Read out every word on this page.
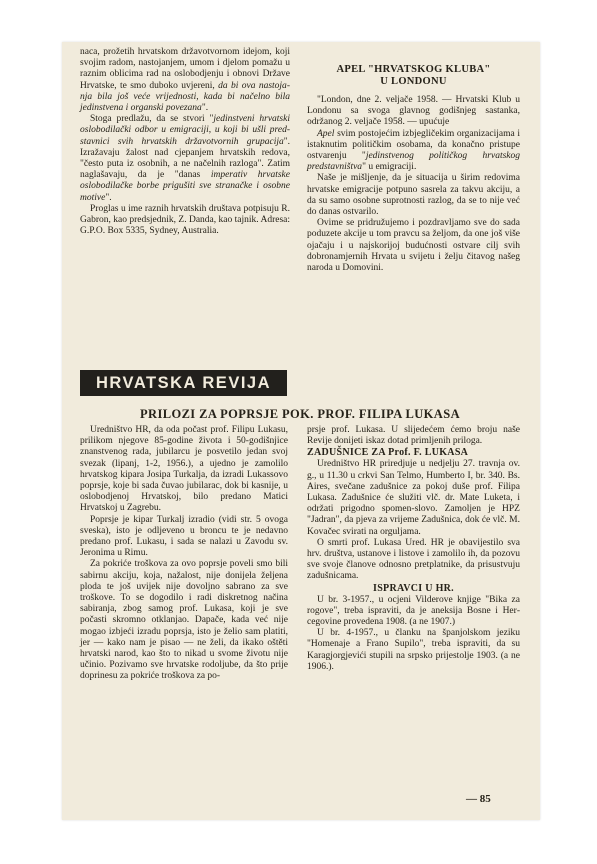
naca, prožetih hrvatskom državotvornom idejom, koji svojim radom, nastojanjem, umom i djelom pomažu u raznim oblicima rad na oslobodjenju i obnovi Države Hrvatske, te smo duboko uvjereni, da bi ova nastojanja bila još veće vrijednosti, kada bi načelno bila jedinstvena i organski povezana".

Stoga predlažu, da se stvori "jedinstveni hrvatski oslobodilački odbor u emigraciji, u koji bi ušli predstavnici svih hrvatskih državotvornih grupacija". Izražavaju žalost nad cjepanjem hrvatskih redova, "često puta iz osobnih, a ne načelnih razloga". Zatim naglašavaju, da je "danas imperativ hrvatske oslobodilačke borbe prigušiti sve stranačke i osobne motive".

Proglas u ime raznih hrvatskih društava potpisuju R. Gabron, kao predsjednik, Z. Danda, kao tajnik. Adresa: G.P.O. Box 5335, Sydney, Australia.

APEL "HRVATSKOG KLUBA"

U LONDONU

"London, dne 2. veljače 1958. — Hrvatski Klub u Londonu sa svoga glavnog godišnjeg sastanka, održanog 2. veljače 1958. — upućuje

Apel svim postojećim izbjegličekim organizacijama i istaknutim političkim osobama, da konačno pristupe ostvarenju "jedinstvenog političkog hrvatskog predstavništva" u emigraciji.

Naše je mišljenje, da je situacija u širim redovima hrvatske emigracije potpuno sasrela za takvu akciju, a da su samo osobne suprotnosti razlog, da se to nije već do danas ostvarilo.

Ovime se pridružujemo i pozdravljamo sve do sada poduzete akcije u tom pravcu sa željom, da one još više ojačaju i u najskorijoj budućnosti ostvare cilj svih dobronamjernih Hrvata u svijetu i želju čitavog našeg naroda u Domovini.

HRVATSKA REVIJA
PRILOZI ZA POPRSJE POK. PROF. FILIPA LUKASA

Uredništvo HR, da oda počast prof. Filipu Lukasu, prilikom njegove 85-godine života i 50-godišnjice znanstvenog rada, jubilarcu je posvetilo jedan svoj svezak (lipanj, 1-2, 1956.), a ujedno je zamolilo hrvatskog kipara Josipa Turkalja, da izradi Lukassovo poprsje, koje bi sada čuvao jubilarac, dok bi kasnije, u oslobodjenoj Hrvatskoj, bilo predano Matici Hrvatskoj u Zagrebu.

Poprsje je kipar Turkalj izradio (vidi str. 5 ovoga sveska), isto je odljeveno u broncu te je nedavno predano prof. Lukasu, i sada se nalazi u Zavodu sv. Jeronima u Rimu.

Za pokriće troškova za ovo poprsje poveli smo bili sabirnu akciju, koja, nažalost, nije donijela željena ploda te još uvijek nije dovoljno sabrano za sve troškove. To se dogodilo i radi diskretnog načina sabiranja, zbog samog prof. Lukasa, koji je sve počasti skromno otklanjao. Dapače, kada već nije mogao izbjeći izradu poprsja, isto je želio sam platiti, jer — kako nam je pisao — ne želi, da ikako oštěti hrvatski narod, kao što to nikad u svome životu nije učinio. Pozivamo sve hrvatske rodoljube, da što prije doprinesu za pokriće troškova za po-

prsje prof. Lukasa. U slijedećem ćemo broju naše Revije donijeti iskaz dotad primljenih priloga.

ZADUŠNICE ZA Prof. F. LUKASA

Uredništvo HR priredjuje u nedjelju 27. travnja ov. g., u 11.30 u crkvi San Telmo, Humberto I, br. 340. Bs. Aires, svečane zadušnice za pokoj duše prof. Filipa Lukasa. Zadušnice će služiti vlč. dr. Mate Luketa, i održati prigodno spomen-slovo. Zamoljen je HPZ "Jadran", da pjeva za vrijeme Zadušnica, dok će vlč. M. Kovačec svirati na orguljama.

O smrti prof. Lukasa Ured. HR je obavijestilo sva hrv. društva, ustanove i listove i zamolilo ih, da pozovu sve svoje članove odnosno pretplatnike, da prisustvuju zadušnicama.

ISPRAVCI U HR.

U br. 3-1957., u ocjeni Vilderove knjige "Bika za rogove", treba ispraviti, da je aneksija Bosne i Hercegovine provedena 1908. (a ne 1907.)

U br. 4-1957., u članku na španjolskom jeziku "Homenaje a Frano Supilo", treba ispraviti, da su Karagjorgjevići stupili na srpsko prijestolje 1903. (a ne 1906.).

— 85
